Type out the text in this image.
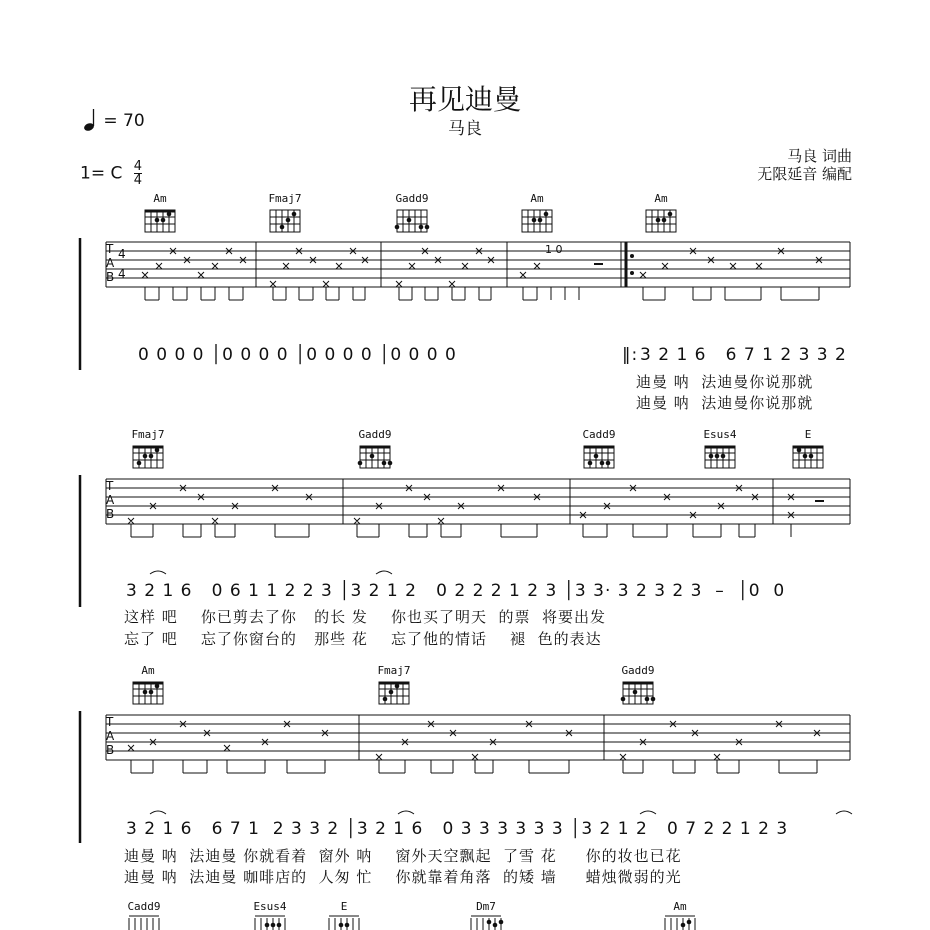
再见迪曼
马良
= 70
1= C $\frac{4}{4}$
马良 词曲
无限延音 编配
Am	Fmaj7	Gadd9	Am	Am
T
A
B
4
4
1 0
0 0 0 0 │0 0 0 0 │0 0 0 0 │0 0 0 0	‖: 3 2 1 6   6 7 1 2 3 3 2
迪曼 呐  法迪曼你说那就
迪曼 呐  法迪曼你说那就
Fmaj7	Gadd9	Cadd9	Esus4	E
T
A
B
3 2 1 6   0 6 1 1 2 2 3 │3 2 1 2   0 2 2 2 1 2 3 │3 3· 3 2 3 2 3  –  │0  0
这样 吧    你已剪去了你   的长 发    你也买了明天  的票  将要出发
忘了 吧    忘了你窗台的   那些 花    忘了他的情话    褪  色的表达
Am	Fmaj7	Gadd9
T
A
B
3 2 1 6   6 7 1  2 3 3 2 │3 2 1 6   0 3 3 3 3 3 3 │3 2 1 2   0 7 2 2 1 2 3
迪曼 呐  法迪曼 你就看着  窗外 呐    窗外天空飘起  了雪 花     你的妆也已花
迪曼 呐  法迪曼 咖啡店的  人匆 忙    你就靠着角落  的矮 墙     蜡烛微弱的光
Cadd9	Esus4	E	Dm7	Am
